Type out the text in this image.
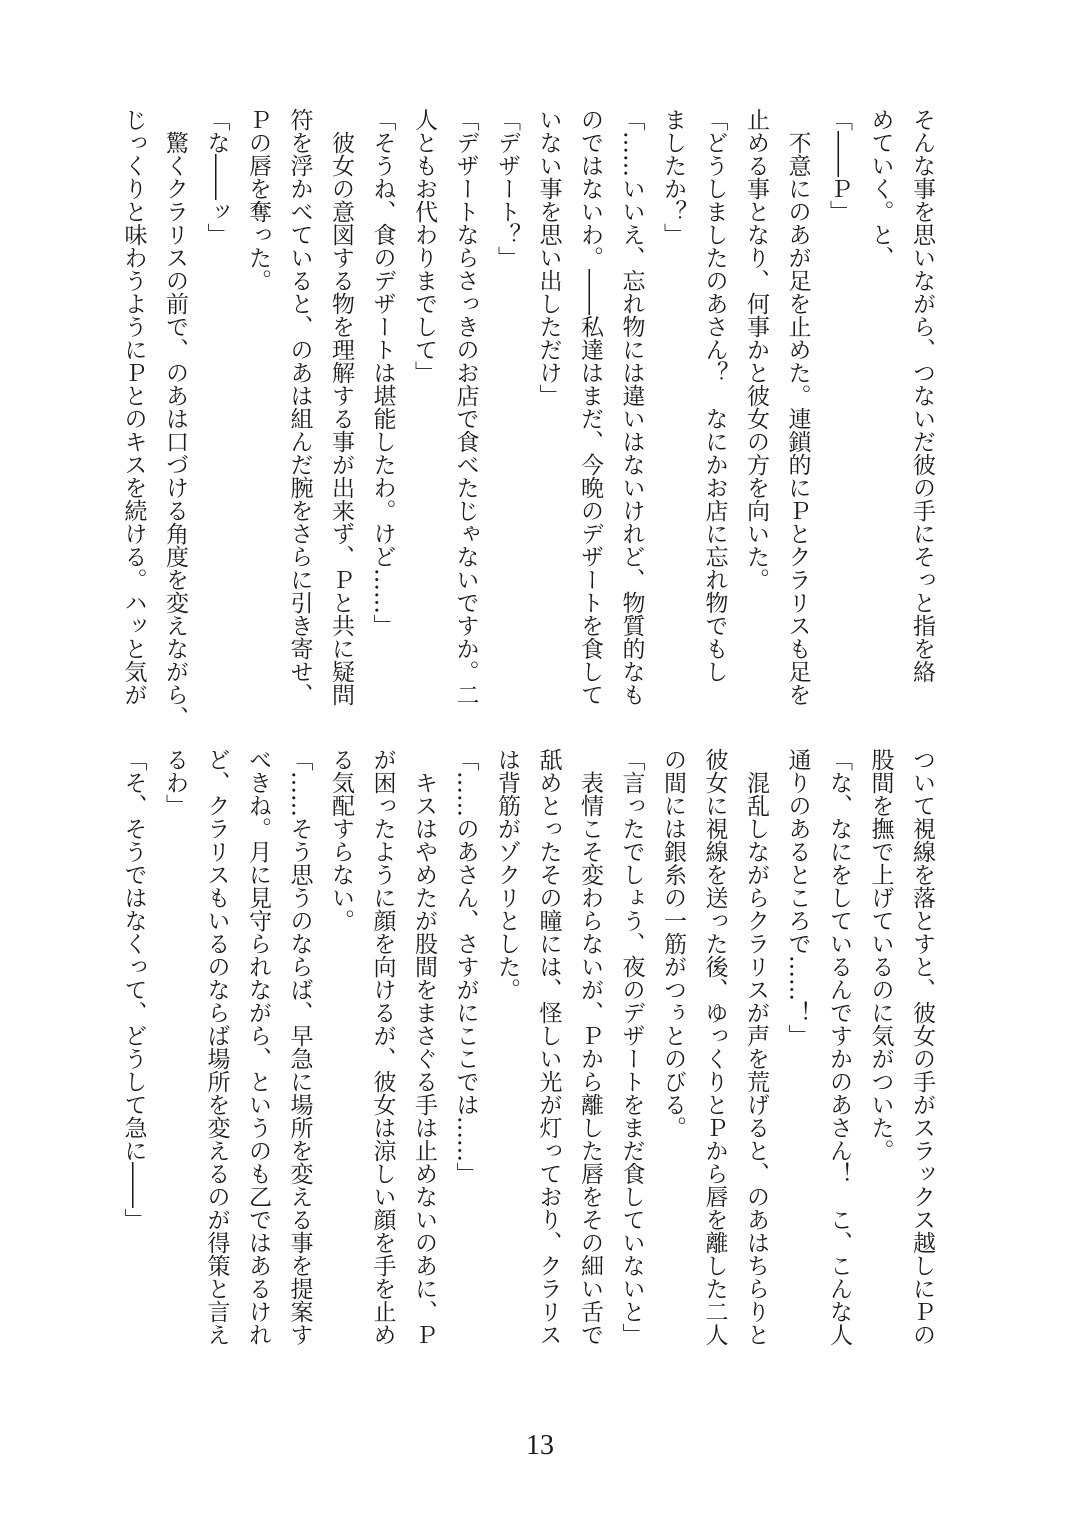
そんな事を思いながら、つないだ彼の手にそっと指を絡
めていく。と、
「――Ｐ」
　不意にのあが足を止めた。連鎖的にＰとクラリスも足を
止める事となり、何事かと彼女の方を向いた。
「どうしましたのあさん？　なにかお店に忘れ物でもし
ましたか？」
「……いいえ、忘れ物には違いはないけれど、物質的なも
のではないわ。――私達はまだ、今晩のデザートを食して
いない事を思い出しただけ」
「デザート？」
「デザートならさっきのお店で食べたじゃないですか。二
人ともお代わりまでして」
「そうね、食のデザートは堪能したわ。けど……」
　彼女の意図する物を理解する事が出来ず、Ｐと共に疑問
符を浮かべていると、のあは組んだ腕をさらに引き寄せ、
Ｐの唇を奪った。
「な――ッ」
　驚くクラリスの前で、のあは口づける角度を変えながら、
じっくりと味わうようにＰとのキスを続ける。ハッと気が
ついて視線を落とすと、彼女の手がスラックス越しにＰの
股間を撫で上げているのに気がついた。
「な、なにをしているんですかのあさん！　こ、こんな人
通りのあるところで……！」
　混乱しながらクラリスが声を荒げると、のあはちらりと
彼女に視線を送った後、ゆっくりとＰから唇を離した二人
の間には銀糸の一筋がつぅとのびる。
「言ったでしょう、夜のデザートをまだ食していないと」
　表情こそ変わらないが、Ｐから離した唇をその細い舌で
舐めとったその瞳には、怪しい光が灯っており、クラリス
は背筋がゾクリとした。
「……のあさん、さすがにここでは……」
　キスはやめたが股間をまさぐる手は止めないのあに、Ｐ
が困ったように顔を向けるが、彼女は涼しい顔を手を止め
る気配すらない。
「……そう思うのならば、早急に場所を変える事を提案す
べきね。月に見守られながら、というのも乙ではあるけれ
ど、クラリスもいるのならば場所を変えるのが得策と言え
るわ」
「そ、そうではなくって、どうして急に――」
13
